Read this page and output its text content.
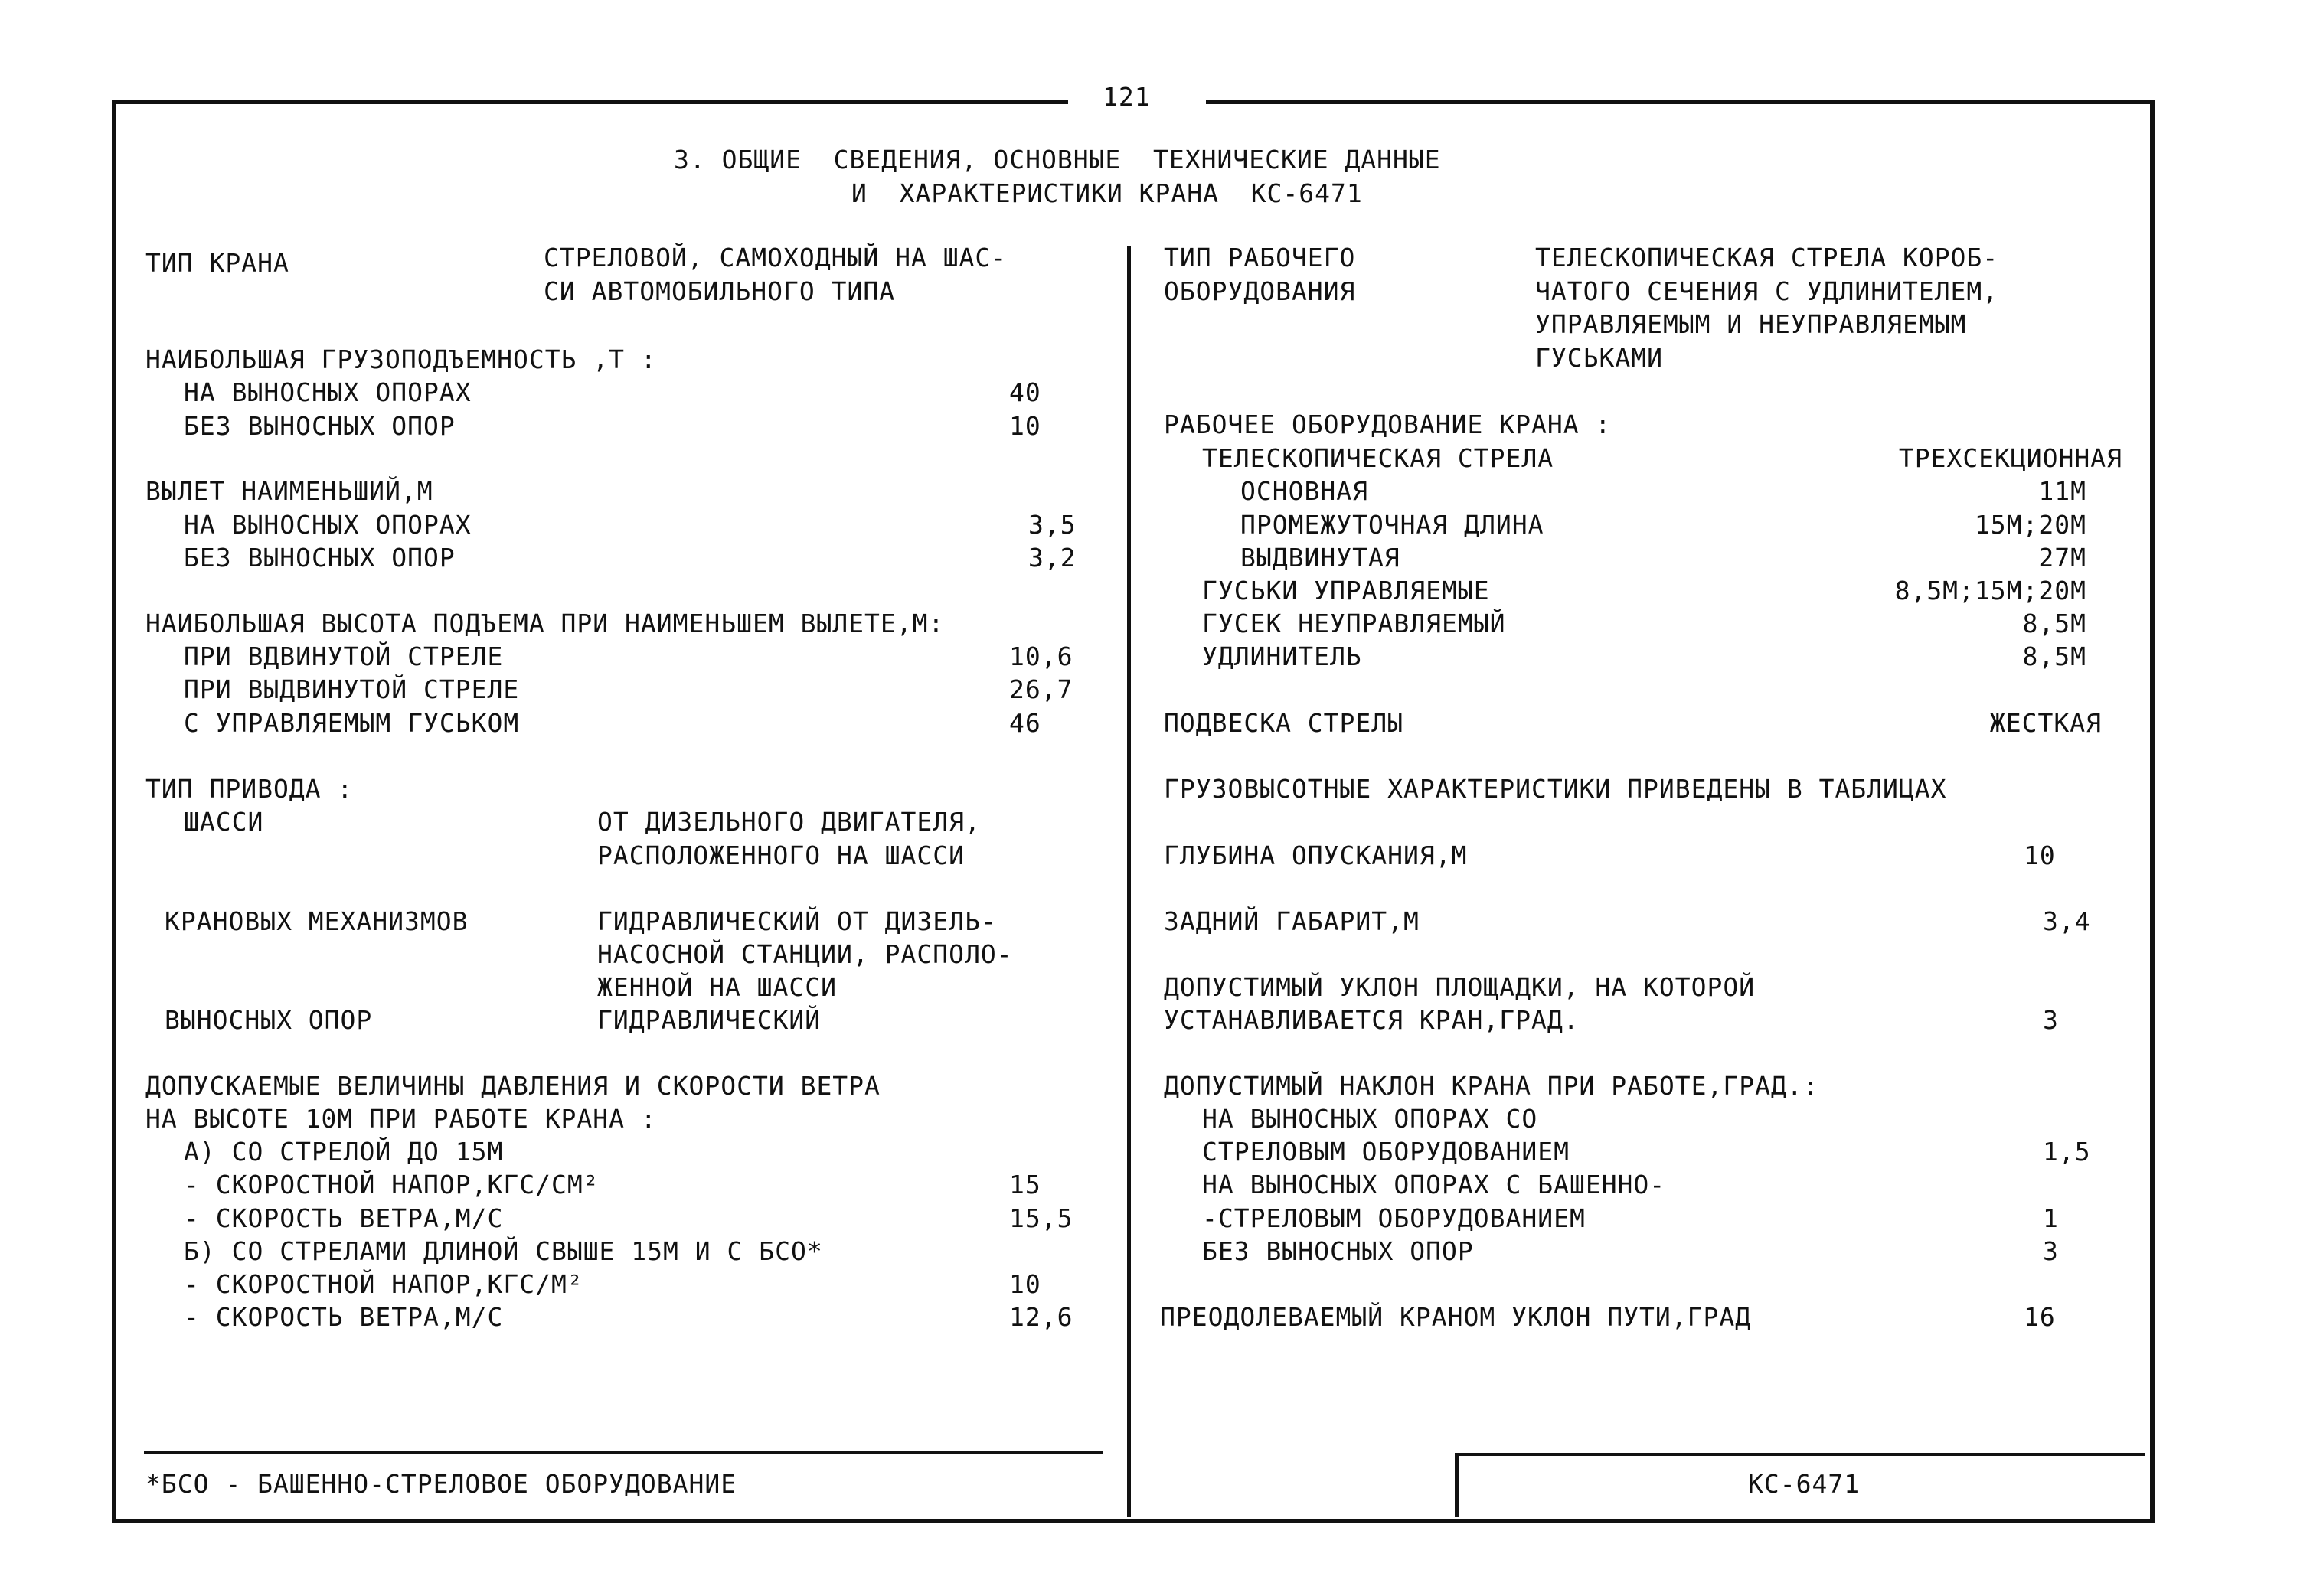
121
3. ОБЩИЕ  СВЕДЕНИЯ, ОСНОВНЫЕ  ТЕХНИЧЕСКИЕ ДАННЫЕ
И  ХАРАКТЕРИСТИКИ КРАНА  КС-6471
ТИП КРАНА	СТРЕЛОВОЙ, САМОХОДНЫЙ НА ШАС-
СИ АВТОМОБИЛЬНОГО ТИПА
НАИБОЛЬШАЯ ГРУЗОПОДЪЕМНОСТЬ ,Т :
НА ВЫНОСНЫХ ОПОРАХ	40
БЕЗ ВЫНОСНЫХ ОПОР	10
ВЫЛЕТ НАИМЕНЬШИЙ,М
НА ВЫНОСНЫХ ОПОРАХ	3,5
БЕЗ ВЫНОСНЫХ ОПОР	3,2
НАИБОЛЬШАЯ ВЫСОТА ПОДЪЕМА ПРИ НАИМЕНЬШЕМ ВЫЛЕТЕ,М:
ПРИ ВДВИНУТОЙ СТРЕЛЕ	10,6
ПРИ ВЫДВИНУТОЙ СТРЕЛЕ	26,7
С УПРАВЛЯЕМЫМ ГУСЬКОМ	46
ТИП ПРИВОДА :
ШАССИ	ОТ ДИЗЕЛЬНОГО ДВИГАТЕЛЯ,
РАСПОЛОЖЕННОГО НА ШАССИ
КРАНОВЫХ МЕХАНИЗМОВ	ГИДРАВЛИЧЕСКИЙ ОТ ДИЗЕЛЬ-
НАСОСНОЙ СТАНЦИИ, РАСПОЛО-
ЖЕННОЙ НА ШАССИ
ВЫНОСНЫХ ОПОР	ГИДРАВЛИЧЕСКИЙ
ДОПУСКАЕМЫЕ ВЕЛИЧИНЫ ДАВЛЕНИЯ И СКОРОСТИ ВЕТРА
НА ВЫСОТЕ 10М ПРИ РАБОТЕ КРАНА :
А) СО СТРЕЛОЙ ДО 15М
- СКОРОСТНОЙ НАПОР,КГС/СМ²	15
- СКОРОСТЬ ВЕТРА,М/С	15,5
Б) СО СТРЕЛАМИ ДЛИНОЙ СВЫШЕ 15М И С БСО*
- СКОРОСТНОЙ НАПОР,КГС/М²	10
- СКОРОСТЬ ВЕТРА,М/С	12,6
*БСО - БАШЕННО-СТРЕЛОВОЕ ОБОРУДОВАНИЕ
ТИП РАБОЧЕГО
ОБОРУДОВАНИЯ
ТЕЛЕСКОПИЧЕСКАЯ СТРЕЛА КОРОБ-
ЧАТОГО СЕЧЕНИЯ С УДЛИНИТЕЛЕМ,
УПРАВЛЯЕМЫМ И НЕУПРАВЛЯЕМЫМ
ГУСЬКАМИ
РАБОЧЕЕ ОБОРУДОВАНИЕ КРАНА :
ТЕЛЕСКОПИЧЕСКАЯ СТРЕЛА	ТРЕХСЕКЦИОННАЯ
ОСНОВНАЯ	11М
ПРОМЕЖУТОЧНАЯ ДЛИНА	15М;20М
ВЫДВИНУТАЯ	27М
ГУСЬКИ УПРАВЛЯЕМЫЕ	8,5М;15М;20М
ГУСЕК НЕУПРАВЛЯЕМЫЙ	8,5М
УДЛИНИТЕЛЬ	8,5М
ПОДВЕСКА СТРЕЛЫ	ЖЕСТКАЯ
ГРУЗОВЫСОТНЫЕ ХАРАКТЕРИСТИКИ ПРИВЕДЕНЫ В ТАБЛИЦАХ
ГЛУБИНА ОПУСКАНИЯ,М	10
ЗАДНИЙ ГАБАРИТ,М	3,4
ДОПУСТИМЫЙ УКЛОН ПЛОЩАДКИ, НА КОТОРОЙ
УСТАНАВЛИВАЕТСЯ КРАН,ГРАД.	3
ДОПУСТИМЫЙ НАКЛОН КРАНА ПРИ РАБОТЕ,ГРАД.:
НА ВЫНОСНЫХ ОПОРАХ СО
СТРЕЛОВЫМ ОБОРУДОВАНИЕМ	1,5
НА ВЫНОСНЫХ ОПОРАХ С БАШЕННО-
-СТРЕЛОВЫМ ОБОРУДОВАНИЕМ	1
БЕЗ ВЫНОСНЫХ ОПОР	3
ПРЕОДОЛЕВАЕМЫЙ КРАНОМ УКЛОН ПУТИ,ГРАД	16
КС-6471
